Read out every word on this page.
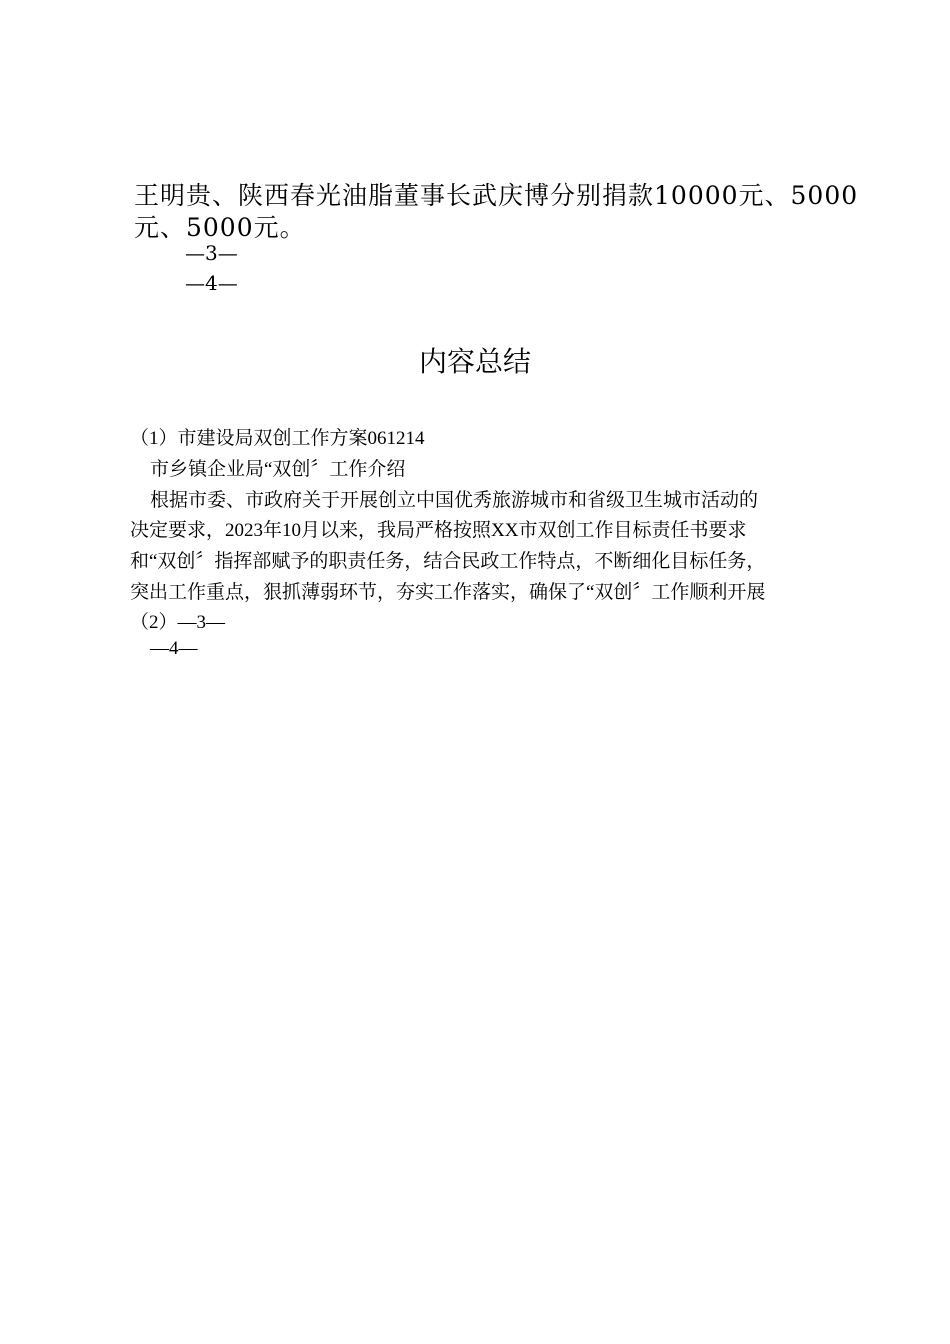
王明贵、陕西春光油脂董事长武庆博分别捐款10000元、5000
元、5000元。
—3—
—4—
内容总结
（1）市建设局双创工作方案061214
市乡镇企业局“双创〞工作介绍
根据市委、市政府关于开展创立中国优秀旅游城市和省级卫生城市活动的
决定要求，2023年10月以来，我局严格按照XX市双创工作目标责任书要求
和“双创〞指挥部赋予的职责任务，结合民政工作特点，不断细化目标任务，
突出工作重点，狠抓薄弱环节，夯实工作落实，确保了“双创〞工作顺利开展
（2）—3—
—4—
